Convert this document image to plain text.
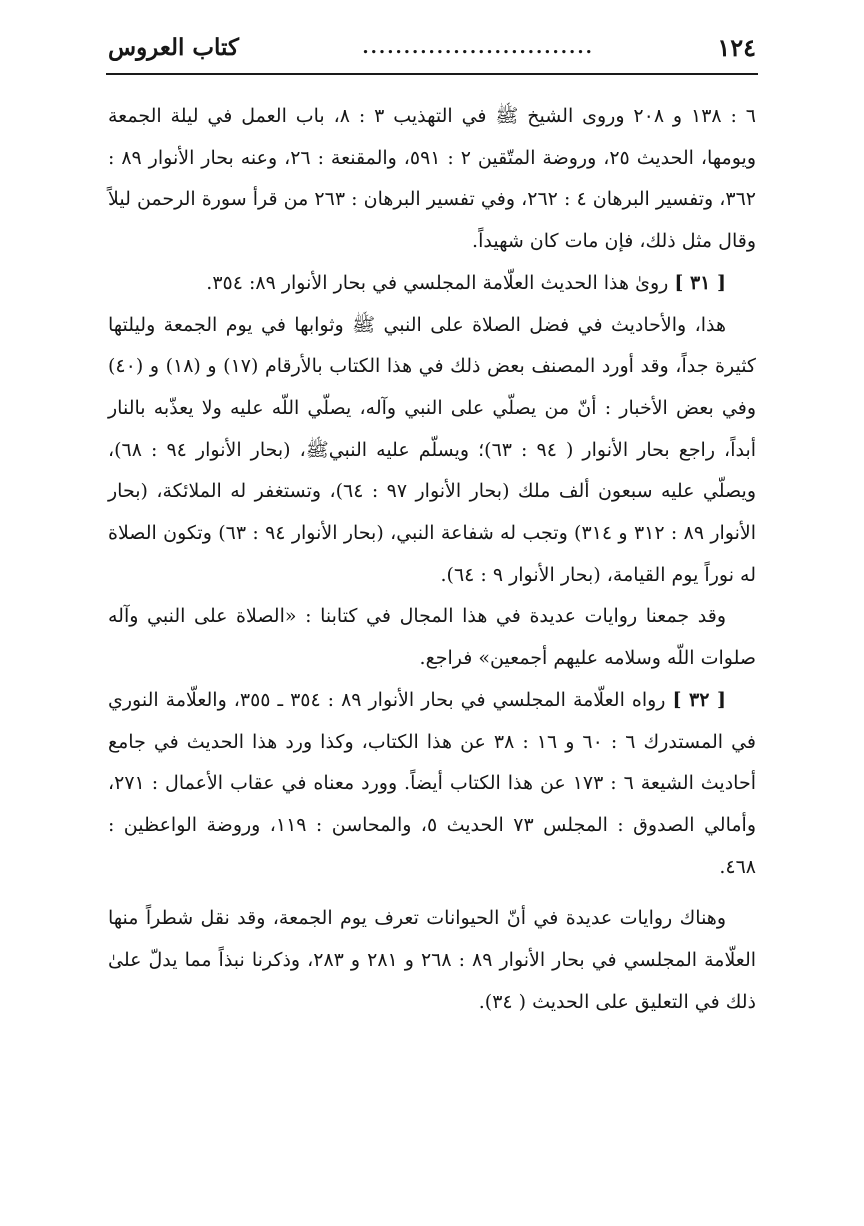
١٢٤
............................
كتاب العروس

٦ : ١٣٨ و ٢٠٨ وروى الشيخ ﷺ في التهذيب ٣ : ٨، باب العمل في ليلة الجمعة ويومها، الحديث ٢٥، وروضة المتّقين ٢ : ٥٩١، والمقنعة : ٢٦، وعنه بحار الأنوار ٨٩ : ٣٦٢، وتفسير البرهان ٤ : ٢٦٢، وفي تفسير البرهان : ٢٦٣ من قرأ سورة الرحمن ليلاً وقال مثل ذلك، فإن مات كان شهيداً.

[ ٣١ ] روىٰ هذا الحديث العلّامة المجلسي في بحار الأنوار ٨٩: ٣٥٤.

هذا، والأحاديث في فضل الصلاة على النبي ﷺ وثوابها في يوم الجمعة وليلتها كثيرة جداً، وقد أورد المصنف بعض ذلك في هذا الكتاب بالأرقام (١٧) و (١٨) و (٤٠) وفي بعض الأخبار : أنّ من يصلّي على النبي وآله، يصلّي اللّه عليه ولا يعذّبه بالنار أبداً، راجع بحار الأنوار ( ٩٤ : ٦٣)؛ ويسلّم عليه النبيﷺ، (بحار الأنوار ٩٤ : ٦٨)، ويصلّي عليه سبعون ألف ملك (بحار الأنوار ٩٧ : ٦٤)، وتستغفر له الملائكة، (بحار الأنوار ٨٩ : ٣١٢ و ٣١٤) وتجب له شفاعة النبي، (بحار الأنوار ٩٤ : ٦٣) وتكون الصلاة له نوراً يوم القيامة، (بحار الأنوار ٩ : ٦٤).

وقد جمعنا روايات عديدة في هذا المجال في كتابنا : «الصلاة على النبي وآله صلوات اللّه وسلامه عليهم أجمعين» فراجع.

[ ٣٢ ] رواه العلّامة المجلسي في بحار الأنوار ٨٩ : ٣٥٤ ـ ٣٥٥، والعلّامة النوري في المستدرك ٦ : ٦٠ و ١٦ : ٣٨ عن هذا الكتاب، وكذا ورد هذا الحديث في جامع أحاديث الشيعة ٦ : ١٧٣ عن هذا الكتاب أيضاً. وورد معناه في عقاب الأعمال : ٢٧١، وأمالي الصدوق : المجلس ٧٣ الحديث ٥، والمحاسن : ١١٩، وروضة الواعظين : ٤٦٨.

وهناك روايات عديدة في أنّ الحيوانات تعرف يوم الجمعة، وقد نقل شطراً منها العلّامة المجلسي في بحار الأنوار ٨٩ : ٢٦٨ و ٢٨١ و ٢٨٣، وذكرنا نبذاً مما يدلّ علىٰ ذلك في التعليق على الحديث ( ٣٤).
